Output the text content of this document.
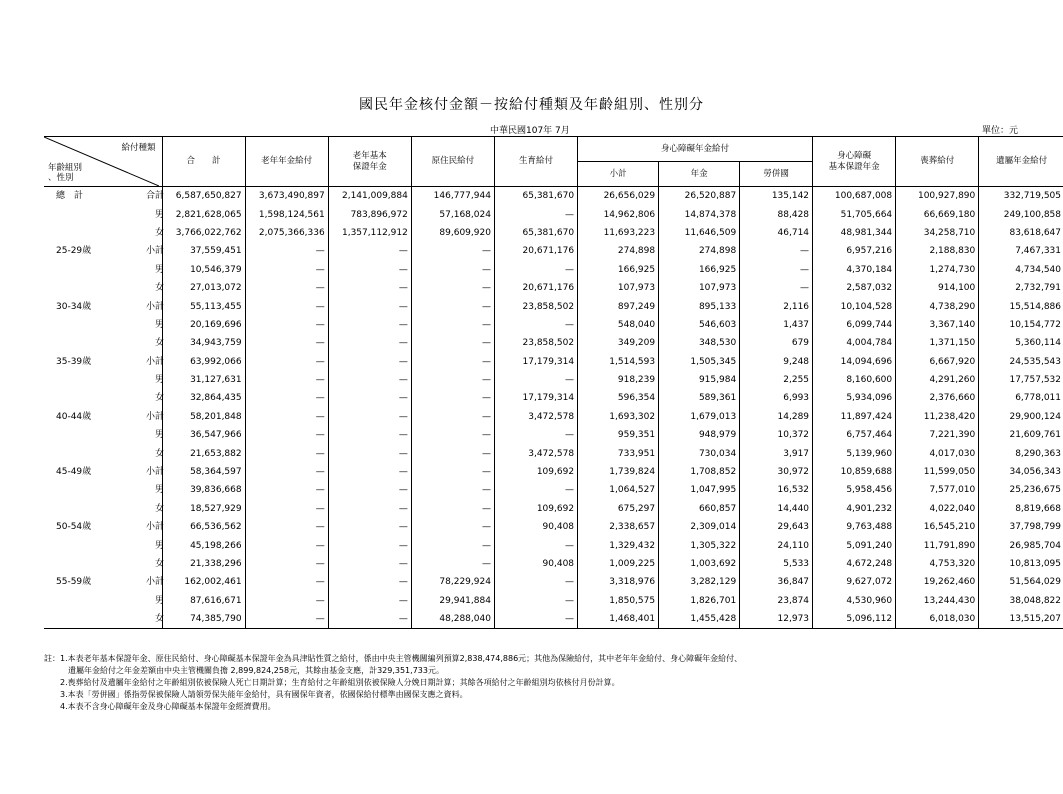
國民年金核付金額－按給付種類及年齡組別、性別分
中華民國107年 7月	單位：元
給付種類
年齡組別
、性別	合　　計	老年年金給付	老年基本
保證年金	原住民給付	生育給付	身心障礙年金給付			身心障礙
基本保證年金	喪葬給付	遺屬年金給付
						小計	年金	勞併國			
總　計 合計	6,587,650,827	3,673,490,897	2,141,009,884	146,777,944	65,381,670	26,656,029	26,520,887	135,142	100,687,008	100,927,890	332,719,505
男	2,821,628,065	1,598,124,561	783,896,972	57,168,024	—	14,962,806	14,874,378	88,428	51,705,664	66,669,180	249,100,858
女	3,766,022,762	2,075,366,336	1,357,112,912	89,609,920	65,381,670	11,693,223	11,646,509	46,714	48,981,344	34,258,710	83,618,647
25-29歲 小計	37,559,451	—	—	—	20,671,176	274,898	274,898	—	6,957,216	2,188,830	7,467,331
男	10,546,379	—	—	—	—	166,925	166,925	—	4,370,184	1,274,730	4,734,540
女	27,013,072	—	—	—	20,671,176	107,973	107,973	—	2,587,032	914,100	2,732,791
30-34歲 小計	55,113,455	—	—	—	23,858,502	897,249	895,133	2,116	10,104,528	4,738,290	15,514,886
男	20,169,696	—	—	—	—	548,040	546,603	1,437	6,099,744	3,367,140	10,154,772
女	34,943,759	—	—	—	23,858,502	349,209	348,530	679	4,004,784	1,371,150	5,360,114
35-39歲 小計	63,992,066	—	—	—	17,179,314	1,514,593	1,505,345	9,248	14,094,696	6,667,920	24,535,543
男	31,127,631	—	—	—	—	918,239	915,984	2,255	8,160,600	4,291,260	17,757,532
女	32,864,435	—	—	—	17,179,314	596,354	589,361	6,993	5,934,096	2,376,660	6,778,011
40-44歲 小計	58,201,848	—	—	—	3,472,578	1,693,302	1,679,013	14,289	11,897,424	11,238,420	29,900,124
男	36,547,966	—	—	—	—	959,351	948,979	10,372	6,757,464	7,221,390	21,609,761
女	21,653,882	—	—	—	3,472,578	733,951	730,034	3,917	5,139,960	4,017,030	8,290,363
45-49歲 小計	58,364,597	—	—	—	109,692	1,739,824	1,708,852	30,972	10,859,688	11,599,050	34,056,343
男	39,836,668	—	—	—	—	1,064,527	1,047,995	16,532	5,958,456	7,577,010	25,236,675
女	18,527,929	—	—	—	109,692	675,297	660,857	14,440	4,901,232	4,022,040	8,819,668
50-54歲 小計	66,536,562	—	—	—	90,408	2,338,657	2,309,014	29,643	9,763,488	16,545,210	37,798,799
男	45,198,266	—	—	—	—	1,329,432	1,305,322	24,110	5,091,240	11,791,890	26,985,704
女	21,338,296	—	—	—	90,408	1,009,225	1,003,692	5,533	4,672,248	4,753,320	10,813,095
55-59歲 小計	162,002,461	—	—	78,229,924	—	3,318,976	3,282,129	36,847	9,627,072	19,262,460	51,564,029
男	87,616,671	—	—	29,941,884	—	1,850,575	1,826,701	23,874	4,530,960	13,244,430	38,048,822
女	74,385,790	—	—	48,288,040	—	1,468,401	1,455,428	12,973	5,096,112	6,018,030	13,515,207
註：1.本表老年基本保證年金、原住民給付、身心障礙基本保證年金為具津貼性質之給付，係由中央主管機關編列預算2,838,474,886元；其他為保險給付，其中老年年金給付、身心障礙年金給付、
　　　遺屬年金給付之年金差額由中央主管機關負擔 2,899,824,258元，其餘由基金支應，計329,351,733元。
　　2.喪葬給付及遺屬年金給付之年齡組別依被保險人死亡日期計算；生育給付之年齡組別依被保險人分娩日期計算；其餘各項給付之年齡組別均依核付月份計算。
　　3.本表「勞併國」係指勞保被保險人請領勞保失能年金給付，具有國保年資者，依國保給付標準由國保支應之資料。
　　4.本表不含身心障礙年金及身心障礙基本保證年金經濟費用。
